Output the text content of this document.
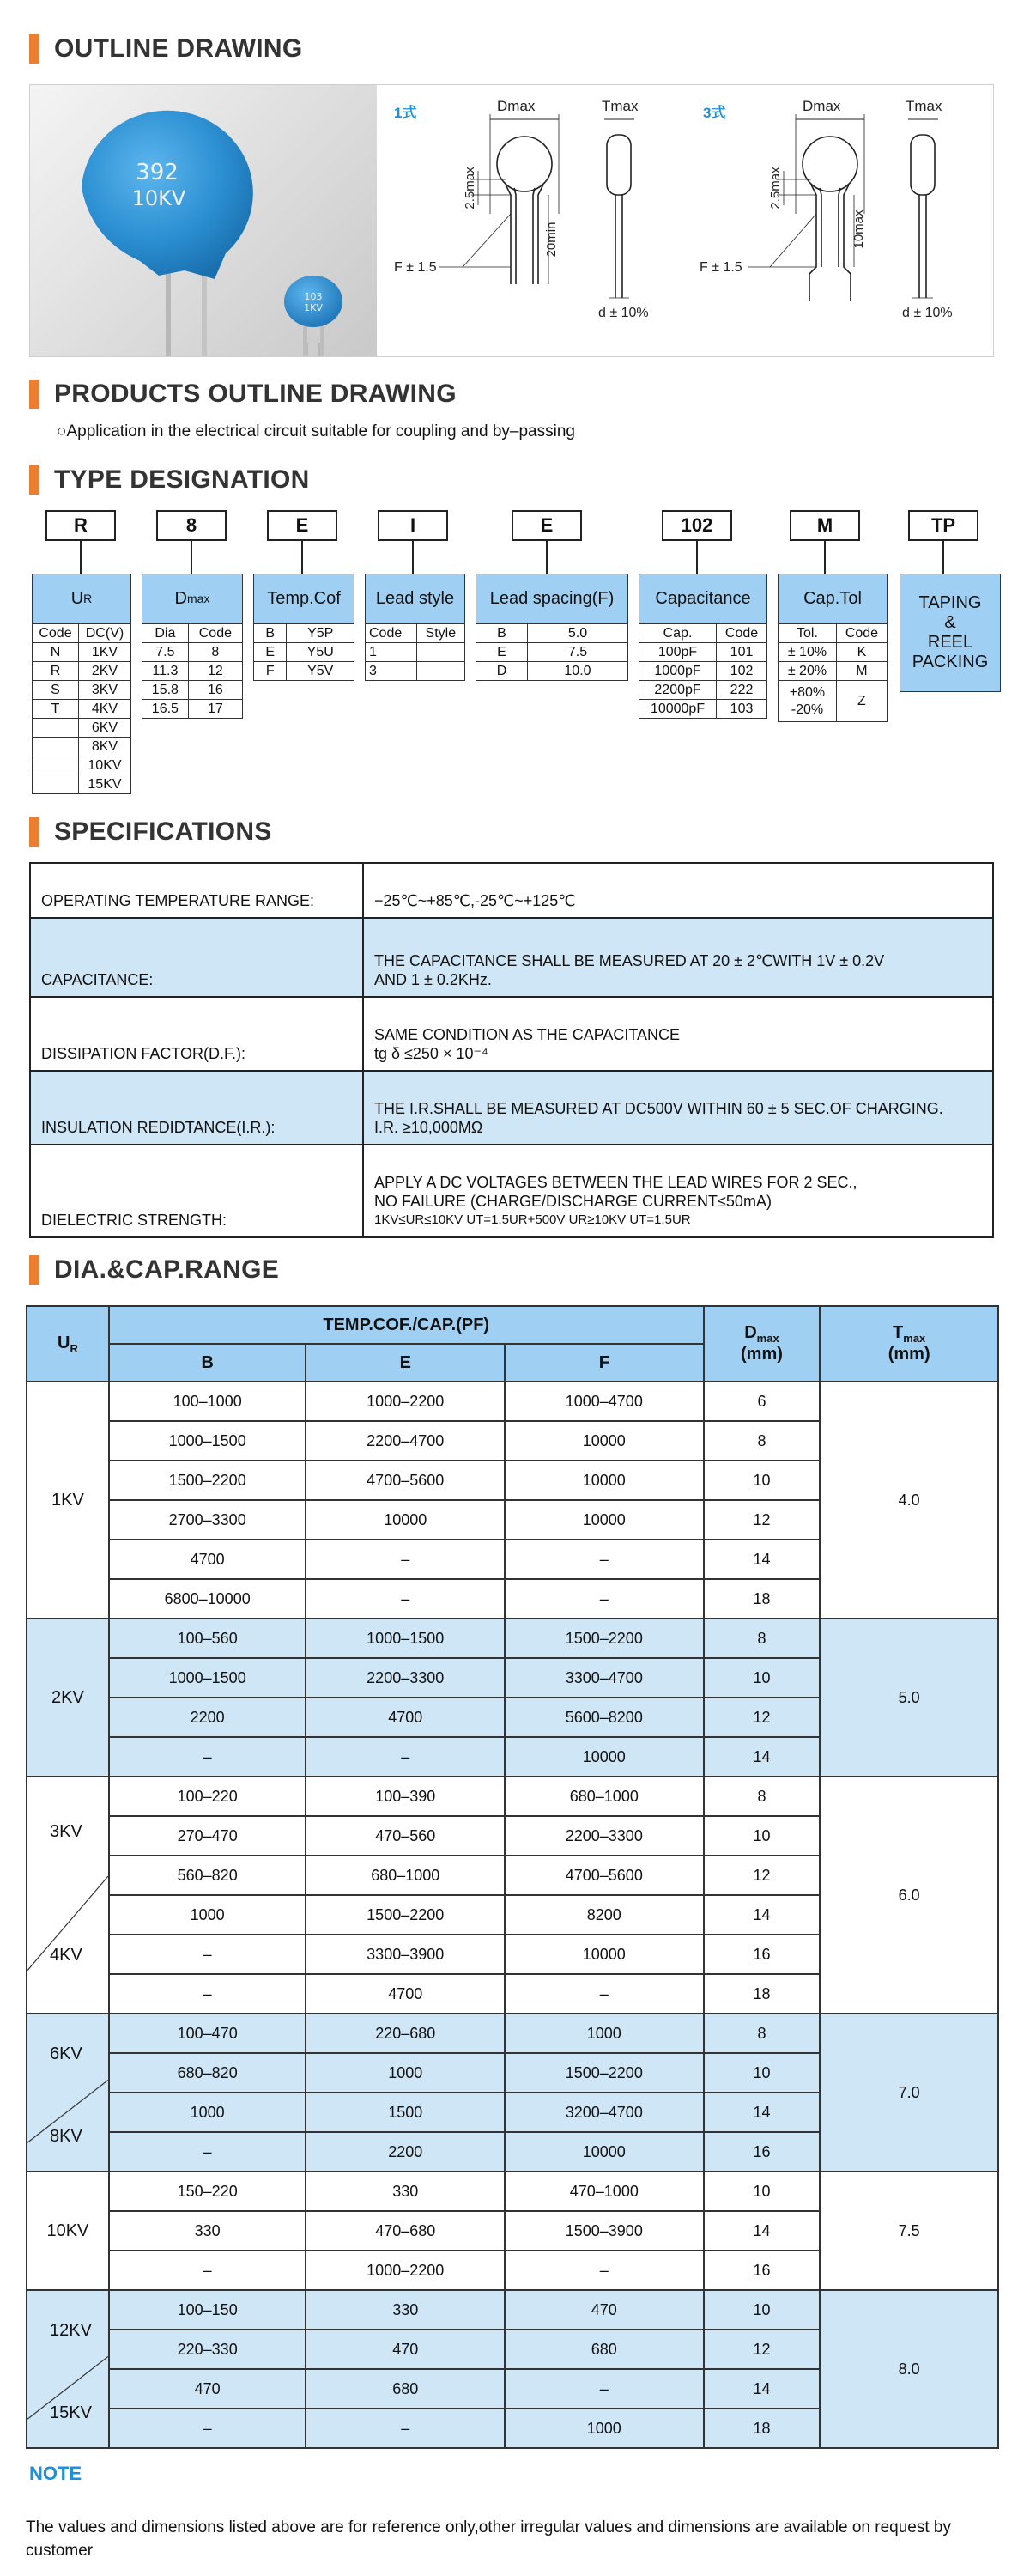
OUTLINE DRAWING
392
10KV
103
1KV
1式	Dmax
2.5max
20min
F ± 1.5
Tmax
d ± 10%
3式	Dmax
2.5max
10max
F ± 1.5
Tmax
d ± 10%
PRODUCTS OUTLINE DRAWING
○Application in the electrical circuit suitable for coupling and by–passing
TYPE DESIGNATION
R	8	E	I	E	102	M	TP
U R
Code	DC(V)
N	1KV
R	2KV
S	3KV
T	4KV
	6KV
	8KV
	10KV
	15KV
D max
Dia	Code
7.5	8
11.3	12
15.8	16
16.5	17
Temp.Cof
B	Y5P
E	Y5U
F	Y5V
Lead style
Code	Style
1	
3	
Lead spacing(F)
B	5.0
E	7.5
D	10.0
Capacitance
Cap.	Code
100pF	101
1000pF	102
2200pF	222
10000pF	103
Cap.Tol
Tol.	Code
± 10%	K
± 20%	M
+80%
-20%	Z
TAPING
&
REEL
PACKING
SPECIFICATIONS
OPERATING TEMPERATURE RANGE:	−25℃~+85℃,-25℃~+125℃

CAPACITANCE:	THE CAPACITANCE SHALL BE MEASURED AT 20 ± 2℃WITH 1V ± 0.2V
AND 1 ± 0.2KHz.

DISSIPATION FACTOR(D.F.):	SAME CONDITION AS THE CAPACITANCE
tg δ ≤250 × 10⁻⁴

INSULATION REDIDTANCE(I.R.):	THE I.R.SHALL BE MEASURED AT DC500V WITHIN 60 ± 5 SEC.OF CHARGING.
I.R. ≥10,000MΩ

DIELECTRIC STRENGTH:	APPLY A DC VOLTAGES BETWEEN THE LEAD WIRES FOR 2 SEC.,
NO FAILURE (CHARGE/DISCHARGE CURRENT≤50mA)
1KV≤UR≤10KV UT=1.5UR+500V UR≥10KV UT=1.5UR
DIA.&CAP.RANGE
$U_R$	TEMP.COF./CAP.(PF)			$D_{max}$
(mm)	$T_{max}$
(mm)
	B	E	F		
1KV	100–1000	1000–2200	1000–4700	6	4.0
	1000–1500	2200–4700	10000	8	
	1500–2200	4700–5600	10000	10	
	2700–3300	10000	10000	12	
	4700	–	–	14	
	6800–10000	–	–	18	
2KV	100–560	1000–1500	1500–2200	8	5.0
	1000–1500	2200–3300	3300–4700	10	
	2200	4700	5600–8200	12	
	–	–	10000	14	

3KV
4KV	100–220	100–390	680–1000	8	6.0
	270–470	470–560	2200–3300	10	
	560–820	680–1000	4700–5600	12	
	1000	1500–2200	8200	14	
	–	3300–3900	10000	16	
	–	4700	–	18	

6KV
8KV	100–470	220–680	1000	8	7.0
	680–820	1000	1500–2200	10	
	1000	1500	3200–4700	14	
	–	2200	10000	16	
10KV	150–220	330	470–1000	10	7.5
	330	470–680	1500–3900	14	
	–	1000–2200	–	16	

12KV
15KV	100–150	330	470	10	8.0
	220–330	470	680	12	
	470	680	–	14	
	–	–	1000	18	
NOTE
The values and dimensions listed above are for reference only,other irregular values and dimensions are available on request by customer
